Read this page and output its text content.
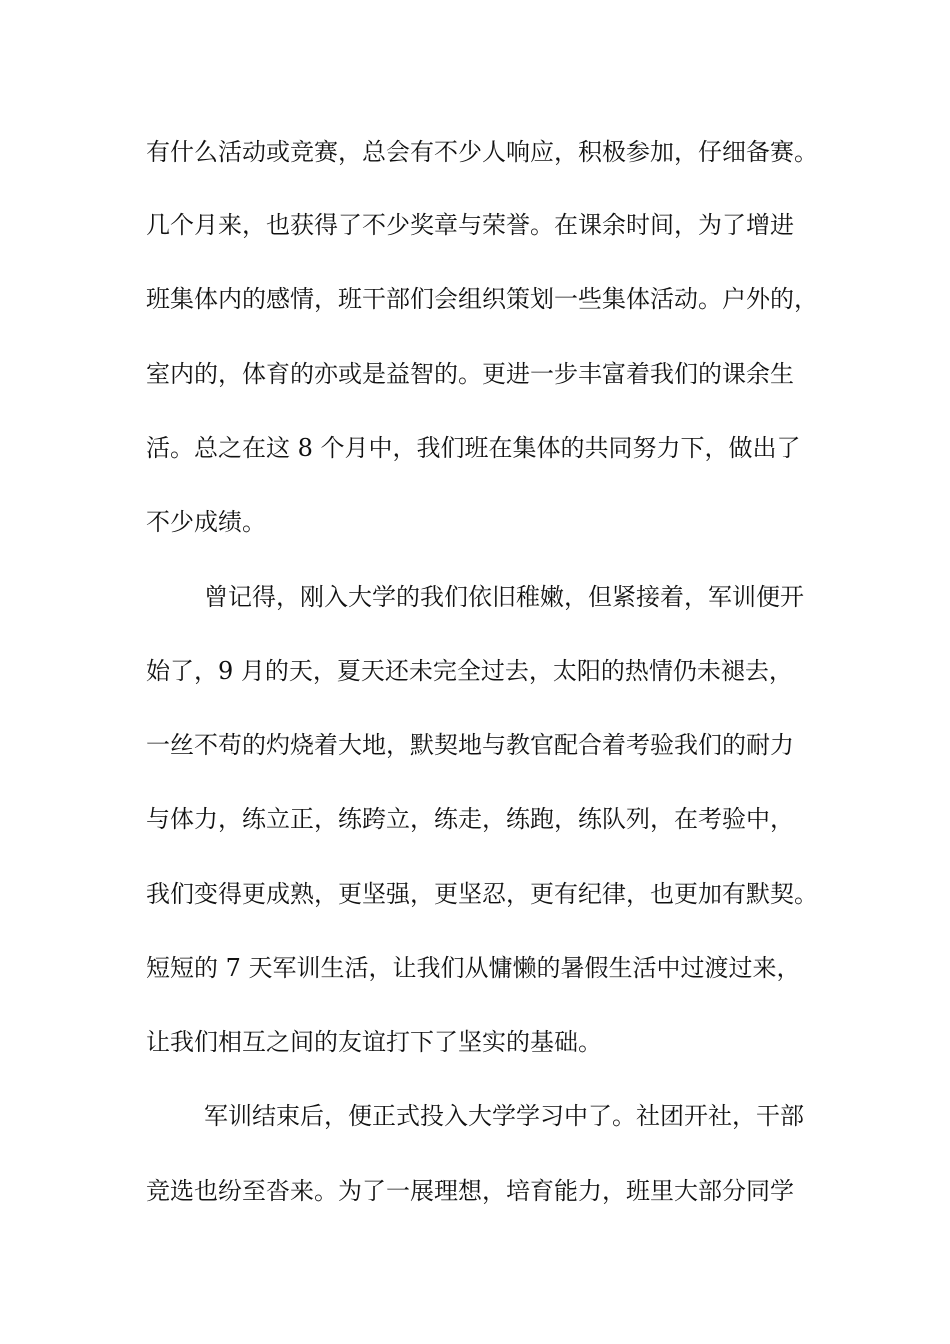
有什么活动或竞赛，总会有不少人响应，积极参加，仔细备赛。
几个月来，也获得了不少奖章与荣誉。在课余时间，为了增进
班集体内的感情，班干部们会组织策划一些集体活动。户外的，
室内的，体育的亦或是益智的。更进一步丰富着我们的课余生
活。总之在这 8 个月中，我们班在集体的共同努力下，做出了
不少成绩。
曾记得，刚入大学的我们依旧稚嫩，但紧接着，军训便开
始了，9 月的天，夏天还未完全过去，太阳的热情仍未褪去，
一丝不苟的灼烧着大地，默契地与教官配合着考验我们的耐力
与体力，练立正，练跨立，练走，练跑，练队列，在考验中，
我们变得更成熟，更坚强，更坚忍，更有纪律，也更加有默契。
短短的 7 天军训生活，让我们从慵懒的暑假生活中过渡过来，
让我们相互之间的友谊打下了坚实的基础。
军训结束后，便正式投入大学学习中了。社团开社，干部
竞选也纷至沓来。为了一展理想，培育能力，班里大部分同学
